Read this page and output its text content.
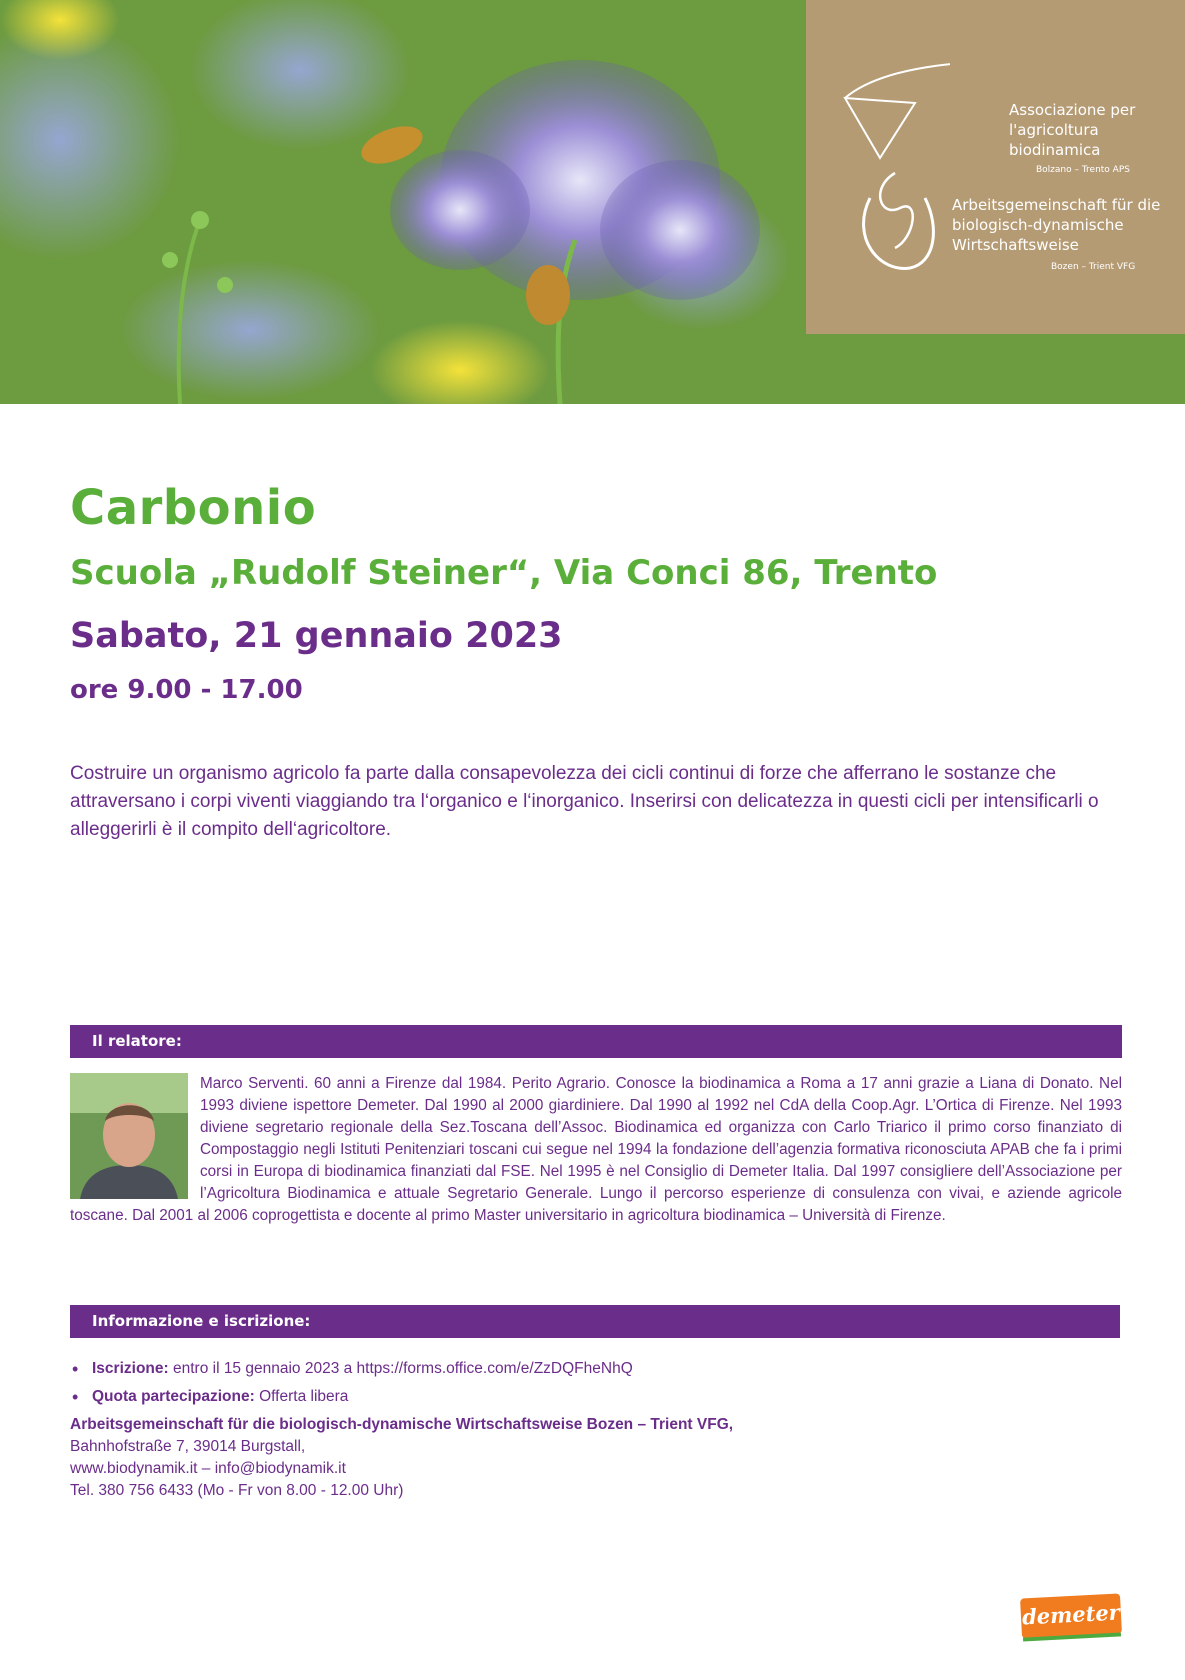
Associazione per
l'agricoltura
biodinamica
Bolzano – Trento APS
Arbeitsgemeinschaft für die
biologisch-dynamische
Wirtschaftsweise
Bozen – Trient VFG
Carbonio
Scuola „Rudolf Steiner“, Via Conci 86, Trento
Sabato, 21 gennaio 2023
ore 9.00 - 17.00

Costruire un organismo agricolo fa parte dalla consapevolezza dei cicli continui di forze che afferrano le sostanze che attraversano i corpi viventi viaggiando tra l‘organico e l‘inorganico. Inserirsi con delicatezza in questi cicli per intensificarli o alleggerirli è il compito dell‘agricoltore.

Il relatore:

Marco Serventi. 60 anni a Firenze dal 1984. Perito Agrario. Conosce la biodinamica a Roma a 17 anni grazie a Liana di Donato. Nel 1993 diviene ispettore Demeter. Dal 1990 al 2000 giardiniere. Dal 1990 al 1992 nel CdA della Coop.Agr. L’Ortica di Firenze. Nel 1993 diviene segretario regionale della Sez.Toscana dell’Assoc. Biodinamica ed organizza con Carlo Triarico il primo corso finanziato di Compostaggio negli Istituti Penitenziari toscani cui segue nel 1994 la fondazione dell’agenzia formativa riconosciuta APAB che fa i primi corsi in Europa di biodinamica finanziati dal FSE. Nel 1995 è nel Consiglio di Demeter Italia. Dal 1997 consigliere dell’Associazione per l’Agricoltura Biodinamica e attuale Segretario Generale. Lungo il percorso esperienze di consulenza con vivai, e aziende agricole toscane. Dal 2001 al 2006 coprogettista e docente al primo Master universitario in agricoltura biodinamica – Università di Firenze.

Informazione e iscrizione:
• Iscrizione: entro il 15 gennaio 2023 a https://forms.office.com/e/ZzDQFheNhQ
• Quota partecipazione: Offerta libera
Arbeitsgemeinschaft für die biologisch-dynamische Wirtschaftsweise Bozen – Trient VFG,
Bahnhofstraße 7, 39014 Burgstall,
www.biodynamik.it – info@biodynamik.it
Tel. 380 756 6433 (Mo - Fr von 8.00 - 12.00 Uhr)
demeter
